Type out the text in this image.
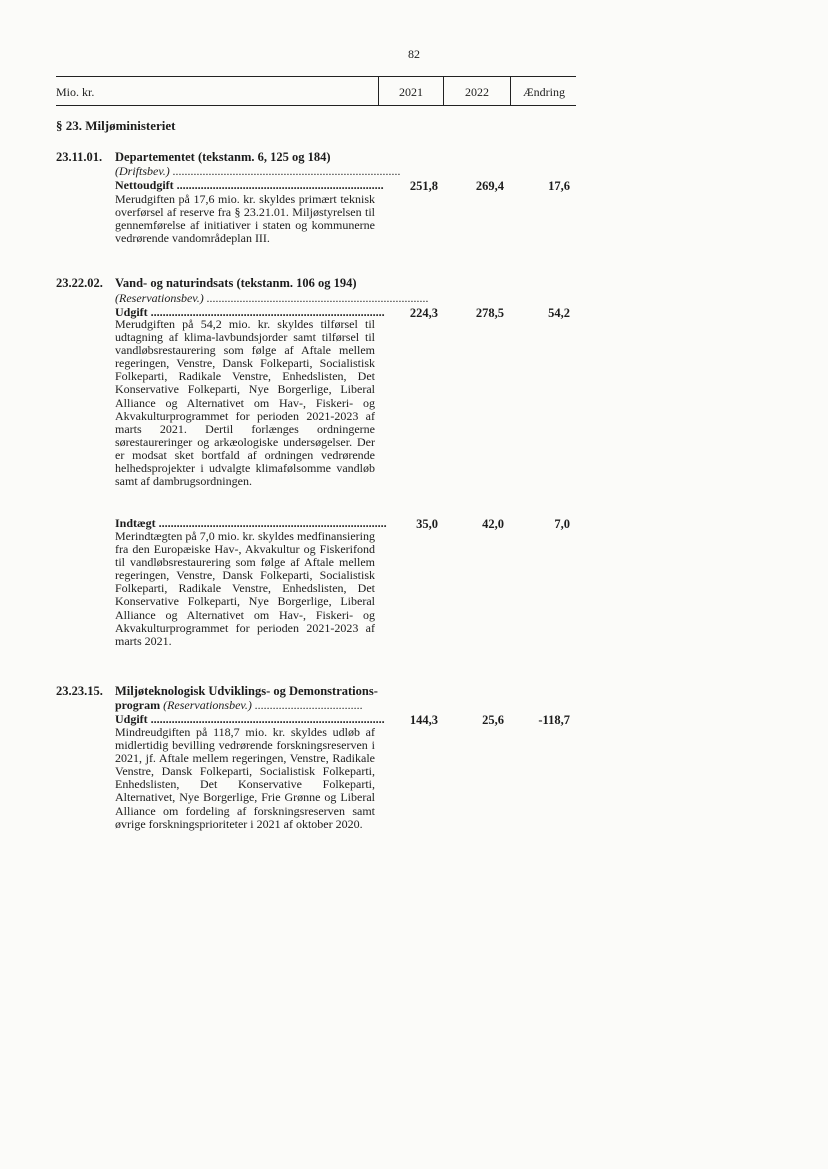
82
Mio. kr.	2021	2022	Ændring
§ 23. Miljøministeriet
23.11.01. Departementet (tekstanm. 6, 125 og 184)
(Driftsbev.) ............................................................................
Nettoudgift .....................................................................	251,8	269,4	17,6
Merudgiften på 17,6 mio. kr. skyldes primært teknisk overførsel af reserve fra § 23.21.01. Miljøstyrelsen til gennemførelse af initiativer i staten og kommunerne vedrørende vandområdeplan III.
23.22.02. Vand- og naturindsats (tekstanm. 106 og 194)
(Reservationsbev.) ..........................................................................
Udgift ..............................................................................	224,3	278,5	54,2
Merudgiften på 54,2 mio. kr. skyldes tilførsel til udtagning af klima-lavbundsjorder samt tilførsel til vandløbsrestaurering som følge af Aftale mellem regeringen, Venstre, Dansk Folkeparti, Socialistisk Folkeparti, Radikale Venstre, Enhedslisten, Det Konservative Folkeparti, Nye Borgerlige, Liberal Alliance og Alternativet om Hav-, Fiskeri- og Akvakulturprogrammet for perioden 2021-2023 af marts 2021. Dertil forlænges ordningerne sørestaureringer og arkæologiske undersøgelser. Der er modsat sket bortfald af ordningen vedrørende helhedsprojekter i udvalgte klimafølsomme vandløb samt af dambrugsordningen.
Indtægt ............................................................................	35,0	42,0	7,0
Merindtægten på 7,0 mio. kr. skyldes medfinansiering fra den Europæiske Hav-, Akvakultur og Fiskerifond til vandløbsrestaurering som følge af Aftale mellem regeringen, Venstre, Dansk Folkeparti, Socialistisk Folkeparti, Radikale Venstre, Enhedslisten, Det Konservative Folkeparti, Nye Borgerlige, Liberal Alliance og Alternativet om Hav-, Fiskeri- og Akvakulturprogrammet for perioden 2021-2023 af marts 2021.
23.23.15. Miljøteknologisk Udviklings- og Demonstrations-
program (Reservationsbev.) ....................................
Udgift ..............................................................................	144,3	25,6	-118,7
Mindreudgiften på 118,7 mio. kr. skyldes udløb af midlertidig bevilling vedrørende forskningsreserven i 2021, jf. Aftale mellem regeringen, Venstre, Radikale Venstre, Dansk Folkeparti, Socialistisk Folkeparti, Enhedslisten, Det Konservative Folkeparti, Alternativet, Nye Borgerlige, Frie Grønne og Liberal Alliance om fordeling af forskningsreserven samt øvrige forskningsprioriteter i 2021 af oktober 2020.
